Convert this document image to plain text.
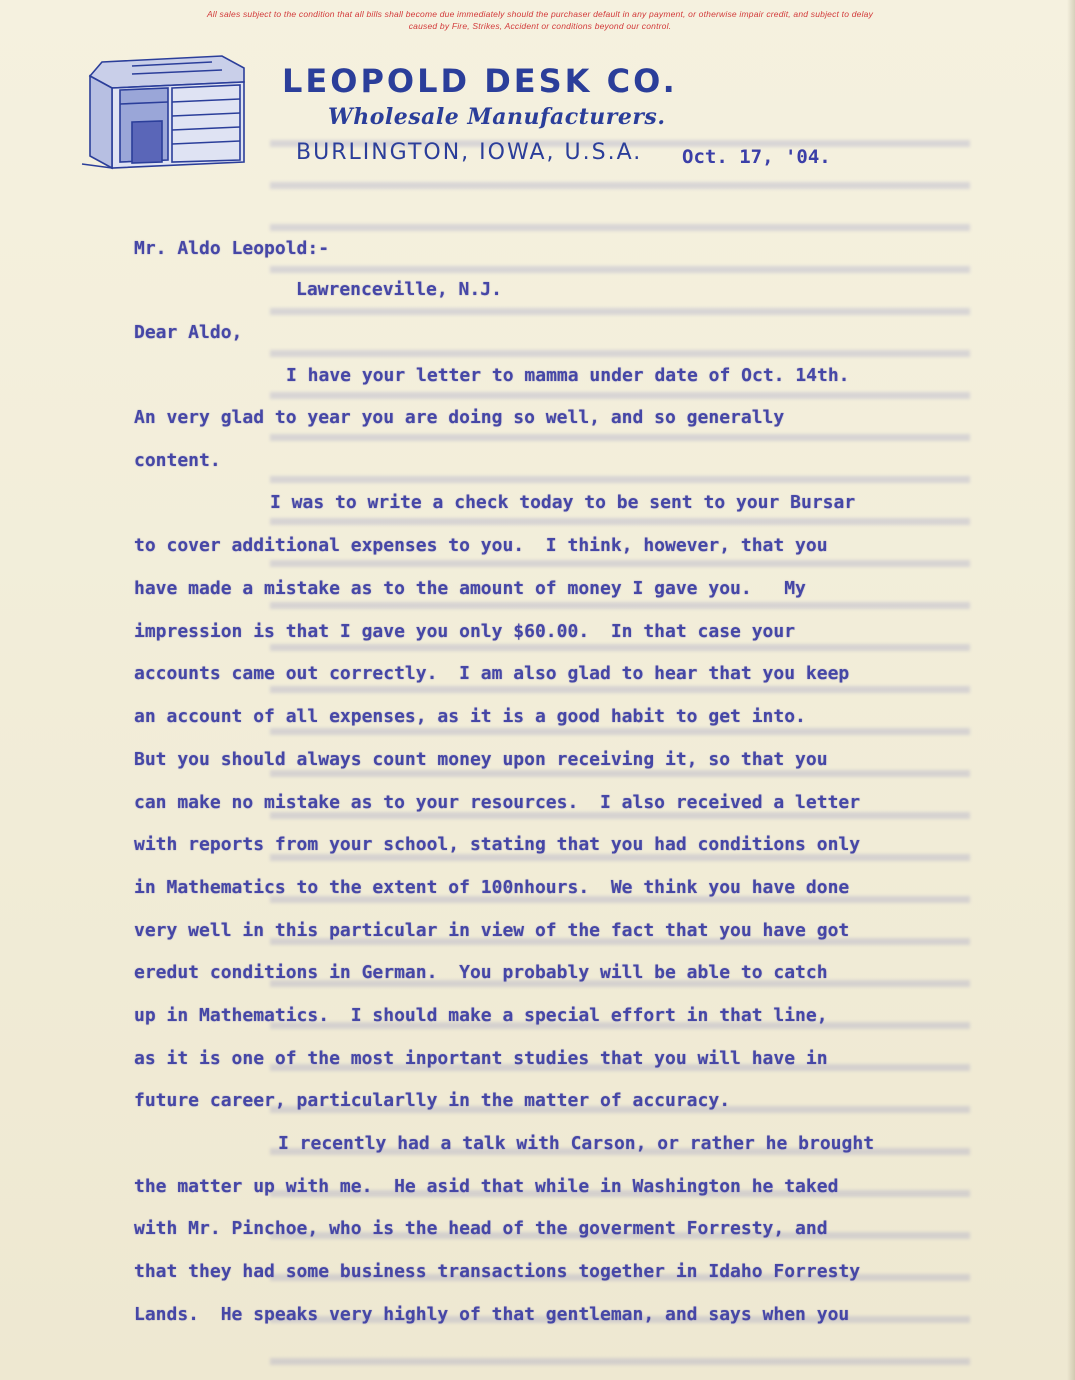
All sales subject to the condition that all bills shall become due immediately should the purchaser default in any payment, or otherwise impair credit, and subject to delay
caused by Fire, Strikes, Accident or conditions beyond our control.
LEOPOLD DESK CO.
Wholesale Manufacturers.
BURLINGTON, IOWA, U.S.A. Oct. 17, '04.
Mr. Aldo Leopold:-
Lawrenceville, N.J.
Dear Aldo,
I have your letter to mamma under date of Oct. 14th.
An very glad to year you are doing so well, and so generally
content.
I was to write a check today to be sent to your Bursar
to cover additional expenses to you.  I think, however, that you
have made a mistake as to the amount of money I gave you.   My
impression is that I gave you only $60.00.  In that case your
accounts came out correctly.  I am also glad to hear that you keep
an account of all expenses, as it is a good habit to get into.
But you should always count money upon receiving it, so that you
can make no mistake as to your resources.  I also received a letter
with reports from your school, stating that you had conditions only
in Mathematics to the extent of 100nhours.  We think you have done
very well in this particular in view of the fact that you have got
eredut conditions in German.  You probably will be able to catch
up in Mathematics.  I should make a special effort in that line,
as it is one of the most inportant studies that you will have in
future career, particularlly in the matter of accuracy.
I recently had a talk with Carson, or rather he brought
the matter up with me.  He asid that while in Washington he taked
with Mr. Pinchoe, who is the head of the goverment Forresty, and
that they had some business transactions together in Idaho Forresty
Lands.  He speaks very highly of that gentleman, and says when you
